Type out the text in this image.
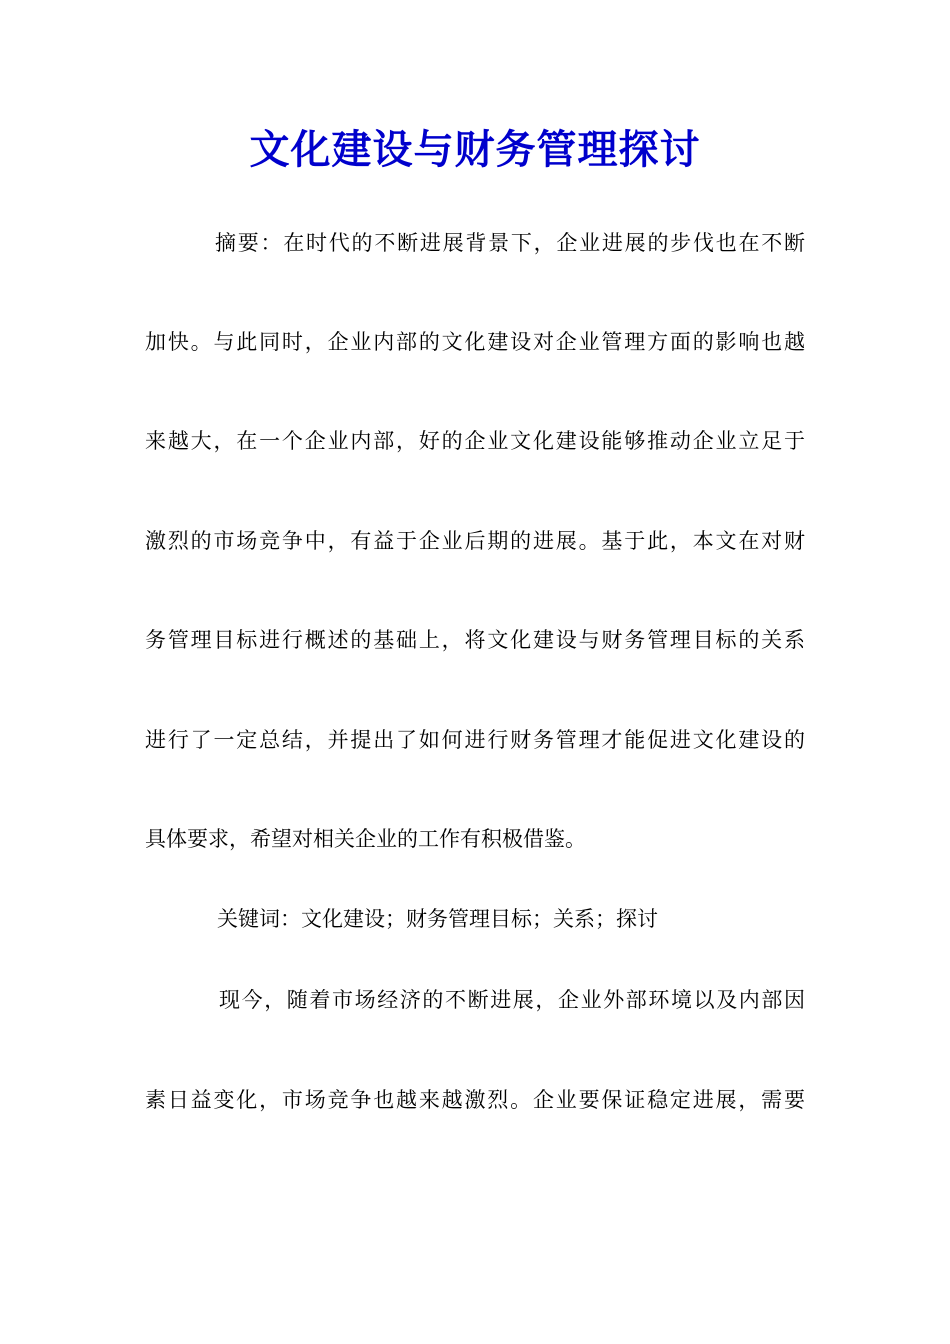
文化建设与财务管理探讨
摘要：在时代的不断进展背景下，企业进展的步伐也在不断
加快。与此同时，企业内部的文化建设对企业管理方面的影响也越
来越大，在一个企业内部，好的企业文化建设能够推动企业立足于
激烈的市场竞争中，有益于企业后期的进展。基于此，本文在对财
务管理目标进行概述的基础上，将文化建设与财务管理目标的关系
进行了一定总结，并提出了如何进行财务管理才能促进文化建设的
具体要求，希望对相关企业的工作有积极借鉴。
关键词：文化建设；财务管理目标；关系；探讨
现今，随着市场经济的不断进展，企业外部环境以及内部因
素日益变化，市场竞争也越来越激烈。企业要保证稳定进展，需要
